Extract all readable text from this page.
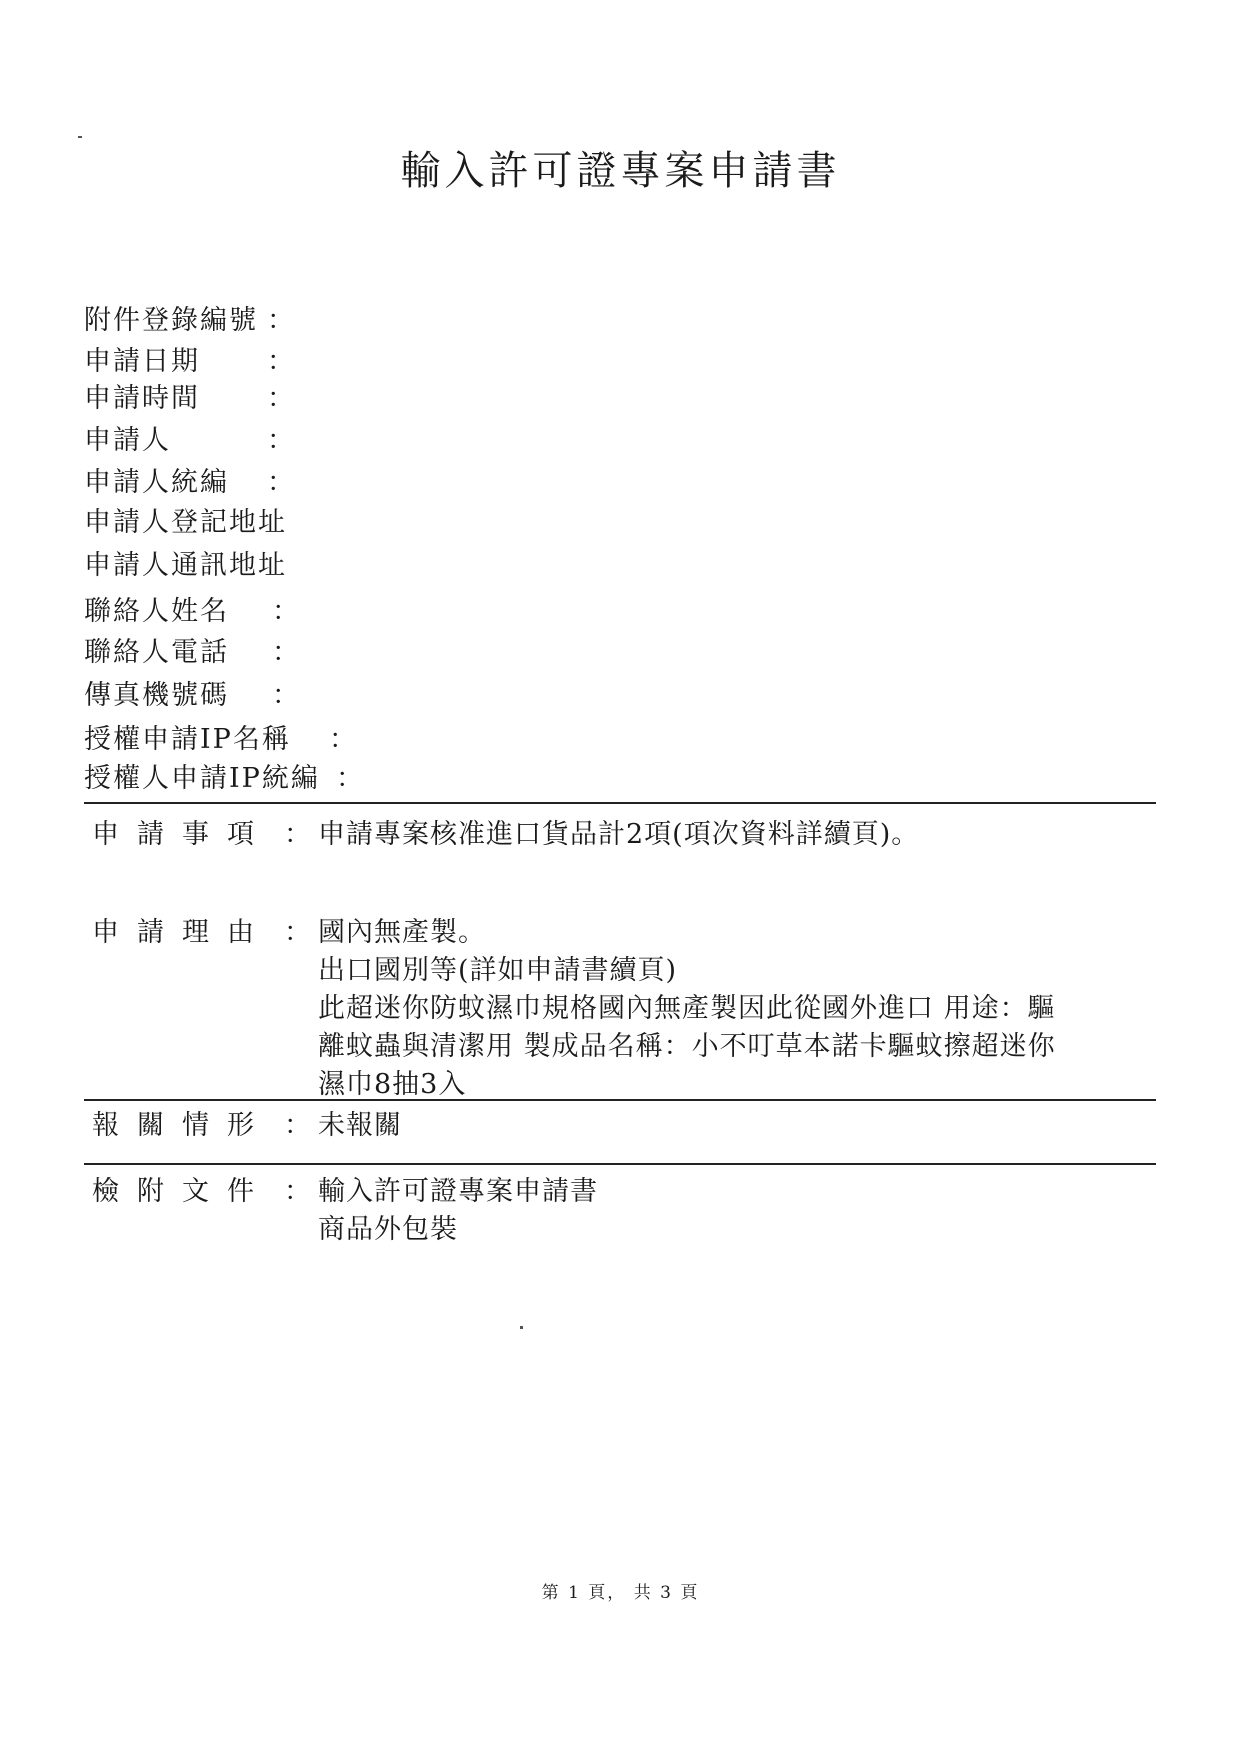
輸入許可證專案申請書
附件登錄編號 ：
申請日期 ：
申請時間 ：
申請人	：
申請人統編 ：
申請人登記地址
申請人通訊地址
聯絡人姓名 ：
聯絡人電話 ：
傳真機號碼 ：
授權申請IP名稱 ：
授權人申請IP統編 ：
申請事項 ： 申請專案核准進口貨品計2項(項次資料詳續頁)。
申請理由 ： 國內無產製。
出口國別等(詳如申請書續頁)
此超迷你防蚊濕巾規格國內無產製因此從國外進口 用途：驅
離蚊蟲與清潔用 製成品名稱：小不叮草本諾卡驅蚊擦超迷你
濕巾8抽3入
報關情形 ： 未報關
檢附文件 ： 輸入許可證專案申請書
商品外包裝
第 1 頁， 共 3 頁
